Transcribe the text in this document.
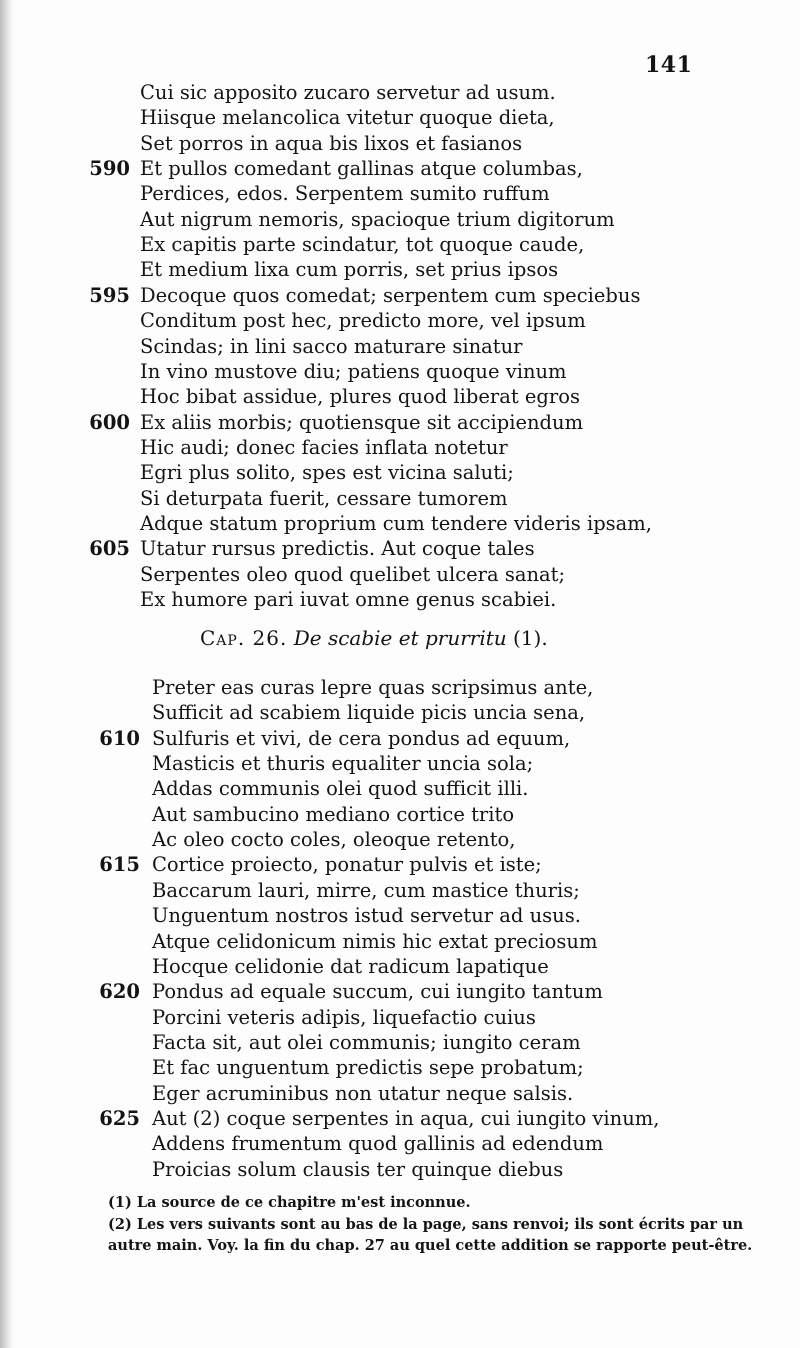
141
Cui sic apposito zucaro servetur ad usum.
Hiisque melancolica vitetur quoque dieta,
Set porros in aqua bis lixos et fasianos
590 Et pullos comedant gallinas atque columbas,
Perdices, edos. Serpentem sumito ruffum
Aut nigrum nemoris, spacioque trium digitorum
Ex capitis parte scindatur, tot quoque caude,
Et medium lixa cum porris, set prius ipsos
595 Decoque quos comedat; serpentem cum speciebus
Conditum post hec, predicto more, vel ipsum
Scindas; in lini sacco maturare sinatur
In vino mustove diu; patiens quoque vinum
Hoc bibat assidue, plures quod liberat egros
600 Ex aliis morbis; quotiensque sit accipiendum
Hic audi; donec facies inflata notetur
Egri plus solito, spes est vicina saluti;
Si deturpata fuerit, cessare tumorem
Adque statum proprium cum tendere videris ipsam,
605 Utatur rursus predictis. Aut coque tales
Serpentes oleo quod quelibet ulcera sanat;
Ex humore pari iuvat omne genus scabiei.
Cap. 26. De scabie et prurritu (1).
Preter eas curas lepre quas scripsimus ante,
Sufficit ad scabiem liquide picis uncia sena,
610 Sulfuris et vivi, de cera pondus ad equum,
Masticis et thuris equaliter uncia sola;
Addas communis olei quod sufficit illi.
Aut sambucino mediano cortice trito
Ac oleo cocto coles, oleoque retento,
615 Cortice proiecto, ponatur pulvis et iste;
Baccarum lauri, mirre, cum mastice thuris;
Unguentum nostros istud servetur ad usus.
Atque celidonicum nimis hic extat preciosum
Hocque celidonie dat radicum lapatique
620 Pondus ad equale succum, cui iungito tantum
Porcini veteris adipis, liquefactio cuius
Facta sit, aut olei communis; iungito ceram
Et fac unguentum predictis sepe probatum;
Eger acruminibus non utatur neque salsis.
625 Aut (2) coque serpentes in aqua, cui iungito vinum,
Addens frumentum quod gallinis ad edendum
Proicias solum clausis ter quinque diebus
(1) La source de ce chapitre m'est inconnue.
(2) Les vers suivants sont au bas de la page, sans renvoi; ils sont écrits par un autre main. Voy. la fin du chap. 27 au quel cette addition se rapporte peut-être.
